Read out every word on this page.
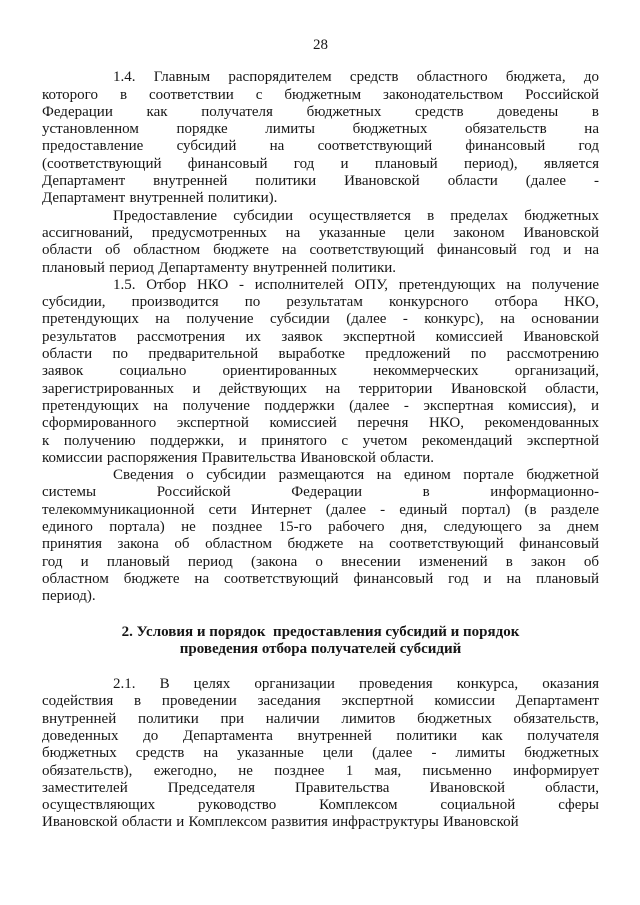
28
1.4. Главным распорядителем средств областного бюджета, до
которого в соответствии с бюджетным законодательством Российской
Федерации как получателя бюджетных средств доведены в
установленном порядке лимиты бюджетных обязательств на
предоставление субсидий на соответствующий финансовый год
(соответствующий финансовый год и плановый период), является
Департамент внутренней политики Ивановской области (далее -
Департамент внутренней политики).
Предоставление субсидии осуществляется в пределах бюджетных
ассигнований, предусмотренных на указанные цели законом Ивановской
области об областном бюджете на соответствующий финансовый год и на
плановый период Департаменту внутренней политики.
1.5. Отбор НКО - исполнителей ОПУ, претендующих на получение
субсидии, производится по результатам конкурсного отбора НКО,
претендующих на получение субсидии (далее - конкурс), на основании
результатов рассмотрения их заявок экспертной комиссией Ивановской
области по предварительной выработке предложений по рассмотрению
заявок социально ориентированных некоммерческих организаций,
зарегистрированных и действующих на территории Ивановской области,
претендующих на получение поддержки (далее - экспертная комиссия), и
сформированного экспертной комиссией перечня НКО, рекомендованных
к получению поддержки, и принятого с учетом рекомендаций экспертной
комиссии распоряжения Правительства Ивановской области.
Сведения о субсидии размещаются на едином портале бюджетной
системы Российской Федерации в информационно-
телекоммуникационной сети Интернет (далее - единый портал) (в разделе
единого портала) не позднее 15-го рабочего дня, следующего за днем
принятия закона об областном бюджете на соответствующий финансовый
год и плановый период (закона о внесении изменений в закон об
областном бюджете на соответствующий финансовый год и на плановый
период).
2. Условия и порядок  предоставления субсидий и порядок
проведения отбора получателей субсидий
2.1. В целях организации проведения конкурса, оказания
содействия в проведении заседания экспертной комиссии Департамент
внутренней политики при наличии лимитов бюджетных обязательств,
доведенных до Департамента внутренней политики как получателя
бюджетных средств на указанные цели (далее - лимиты бюджетных
обязательств), ежегодно, не позднее 1 мая, письменно информирует
заместителей Председателя Правительства Ивановской области,
осуществляющих руководство Комплексом социальной сферы
Ивановской области и Комплексом развития инфраструктуры Ивановской
